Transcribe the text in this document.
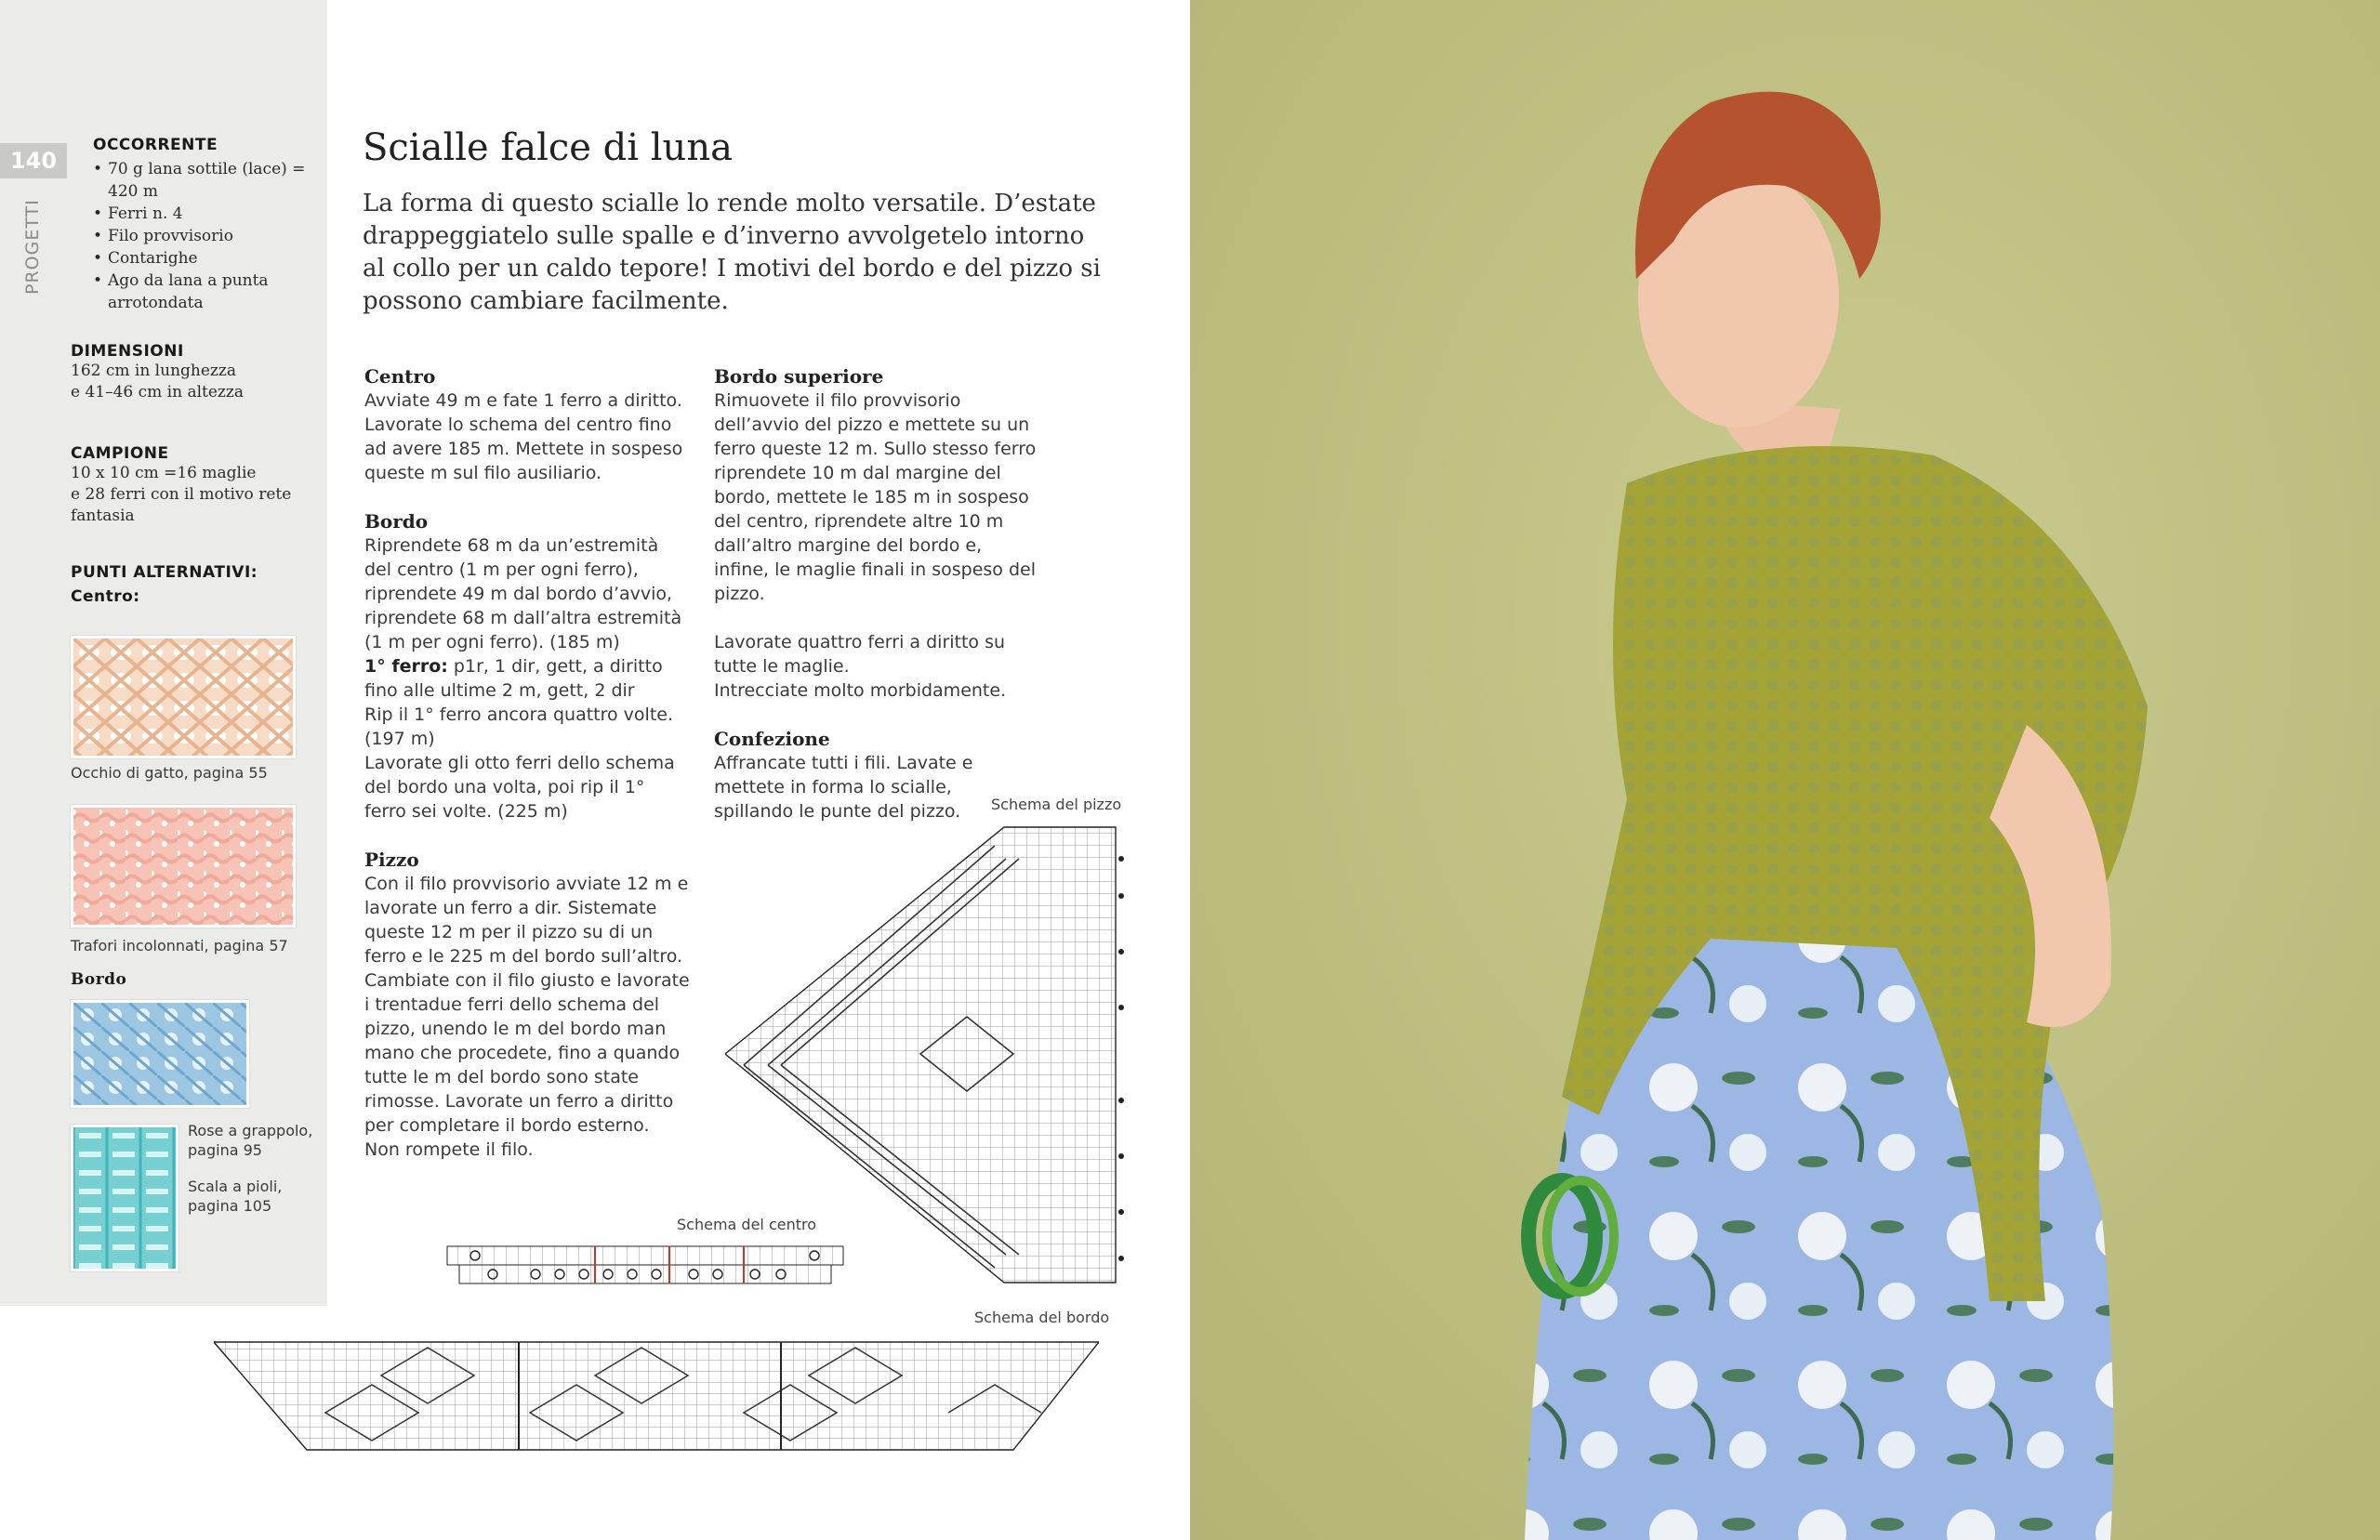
140
PROGETTI
OCCORRENTE
• 70 g lana sottile (lace) = 420 m
• Ferri n. 4
• Filo provvisorio
• Contarighe
• Ago da lana a punta arrotondata
DIMENSIONI
162 cm in lunghezza
e 41–46 cm in altezza
CAMPIONE
10 x 10 cm =16 maglie
e 28 ferri con il motivo rete
fantasia
PUNTI ALTERNATIVI:
Centro:
Occhio di gatto, pagina 55
Trafori incolonnati, pagina 57
Bordo
Rose a grappolo, pagina 95
Scala a pioli, pagina 105
Scialle falce di luna
La forma di questo scialle lo rende molto versatile. D’estate drappeggiatelo sulle spalle e d’inverno avvolgetelo intorno al collo per un caldo tepore! I motivi del bordo e del pizzo si possono cambiare facilmente.
Centro

Avviate 49 m e fate 1 ferro a diritto. Lavorate lo schema del centro fino ad avere 185 m. Mettete in sospeso queste m sul filo ausiliario.

Bordo

Riprendete 68 m da un’estremità del centro (1 m per ogni ferro), riprendete 49 m dal bordo d’avvio, riprendete 68 m dall’altra estremità (1 m per ogni ferro). (185 m)

1° ferro: p1r, 1 dir, gett, a diritto fino alle ultime 2 m, gett, 2 dir

Rip il 1° ferro ancora quattro volte. (197 m)

Lavorate gli otto ferri dello schema del bordo una volta, poi rip il 1° ferro sei volte. (225 m)

Pizzo

Con il filo provvisorio avviate 12 m e lavorate un ferro a dir. Sistemate queste 12 m per il pizzo su di un ferro e le 225 m del bordo sull’altro. Cambiate con il filo giusto e lavorate i trentadue ferri dello schema del pizzo, unendo le m del bordo man mano che procedete, fino a quando tutte le m del bordo sono state rimosse. Lavorate un ferro a diritto per completare il bordo esterno. Non rompete il filo.

Bordo superiore

Rimuovete il filo provvisorio dell’avvio del pizzo e mettete su un ferro queste 12 m. Sullo stesso ferro riprendete 10 m dal margine del bordo, mettete le 185 m in sospeso del centro, riprendete altre 10 m dall’altro margine del bordo e, infine, le maglie finali in sospeso del pizzo.

Lavorate quattro ferri a diritto su tutte le maglie.

Intrecciate molto morbidamente.

Confezione

Affrancate tutti i fili. Lavate e mettete in forma lo scialle, spillando le punte del pizzo.	Schema del pizzo
Schema del centro
Schema del bordo
